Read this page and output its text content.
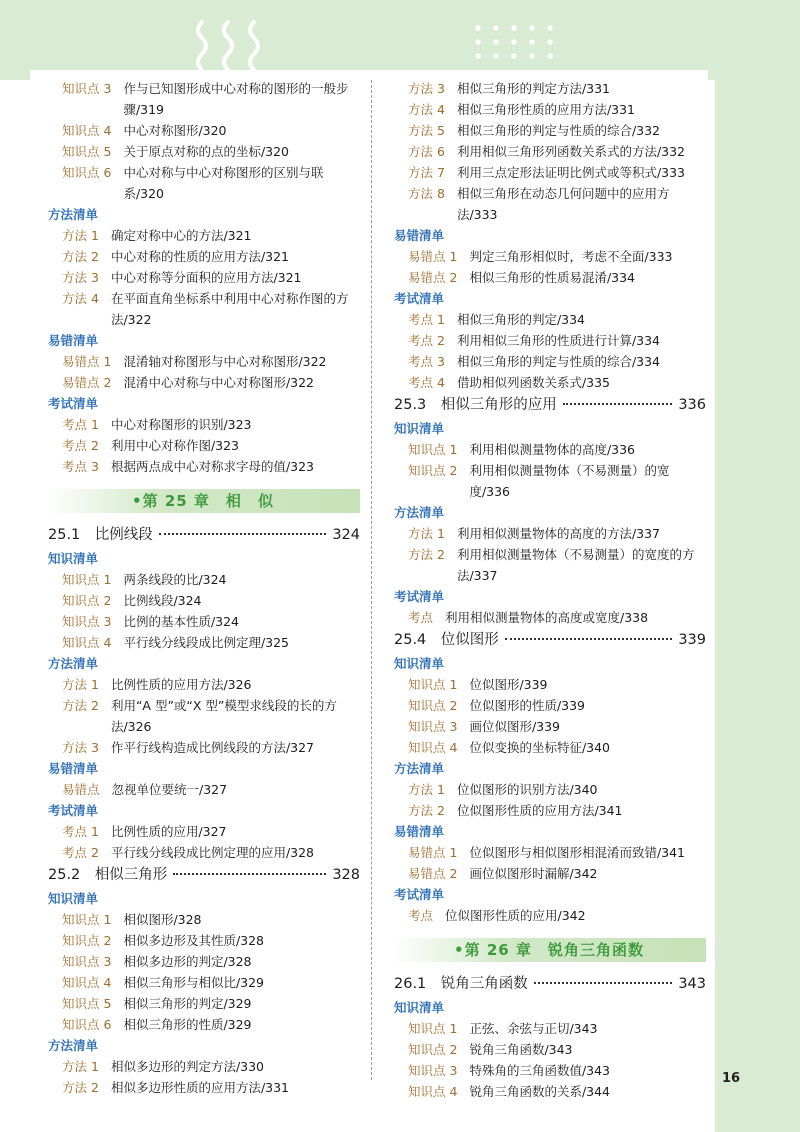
知识点 3 作与已知图形成中心对称的图形的一般步骤/319
知识点 4 中心对称图形/320
知识点 5 关于原点对称的点的坐标/320
知识点 6 中心对称与中心对称图形的区别与联系/320
方法清单
方法 1 确定对称中心的方法/321
方法 2 中心对称的性质的应用方法/321
方法 3 中心对称等分面积的应用方法/321
方法 4 在平面直角坐标系中利用中心对称作图的方法/322
易错清单
易错点 1 混淆轴对称图形与中心对称图形/322
易错点 2 混淆中心对称与中心对称图形/322
考试清单
考点 1 中心对称图形的识别/323
考点 2 利用中心对称作图/323
考点 3 根据两点成中心对称求字母的值/323
•第 25 章　相　似
25.1　比例线段	324
知识清单
知识点 1 两条线段的比/324
知识点 2 比例线段/324
知识点 3 比例的基本性质/324
知识点 4 平行线分线段成比例定理/325
方法清单
方法 1 比例性质的应用方法/326
方法 2 利用“A 型”或“X 型”模型求线段的长的方法/326
方法 3 作平行线构造成比例线段的方法/327
易错清单
易错点 忽视单位要统一/327
考试清单
考点 1 比例性质的应用/327
考点 2 平行线分线段成比例定理的应用/328
25.2　相似三角形	328
知识清单
知识点 1 相似图形/328
知识点 2 相似多边形及其性质/328
知识点 3 相似多边形的判定/328
知识点 4 相似三角形与相似比/329
知识点 5 相似三角形的判定/329
知识点 6 相似三角形的性质/329
方法清单
方法 1 相似多边形的判定方法/330
方法 2 相似多边形性质的应用方法/331
方法 3 相似三角形的判定方法/331
方法 4 相似三角形性质的应用方法/331
方法 5 相似三角形的判定与性质的综合/332
方法 6 利用相似三角形列函数关系式的方法/332
方法 7 利用三点定形法证明比例式或等积式/333
方法 8 相似三角形在动态几何问题中的应用方法/333
易错清单
易错点 1 判定三角形相似时，考虑不全面/333
易错点 2 相似三角形的性质易混淆/334
考试清单
考点 1 相似三角形的判定/334
考点 2 利用相似三角形的性质进行计算/334
考点 3 相似三角形的判定与性质的综合/334
考点 4 借助相似列函数关系式/335
25.3　相似三角形的应用	336
知识清单
知识点 1 利用相似测量物体的高度/336
知识点 2 利用相似测量物体（不易测量）的宽度/336
方法清单
方法 1 利用相似测量物体的高度的方法/337
方法 2 利用相似测量物体（不易测量）的宽度的方法/337
考试清单
考点 利用相似测量物体的高度或宽度/338
25.4　位似图形	339
知识清单
知识点 1 位似图形/339
知识点 2 位似图形的性质/339
知识点 3 画位似图形/339
知识点 4 位似变换的坐标特征/340
方法清单
方法 1 位似图形的识别方法/340
方法 2 位似图形性质的应用方法/341
易错清单
易错点 1 位似图形与相似图形相混淆而致错/341
易错点 2 画位似图形时漏解/342
考试清单
考点 位似图形性质的应用/342
•第 26 章　锐角三角函数
26.1　锐角三角函数	343
知识清单
知识点 1 正弦、余弦与正切/343
知识点 2 锐角三角函数/343
知识点 3 特殊角的三角函数值/343
知识点 4 锐角三角函数的关系/344
16
